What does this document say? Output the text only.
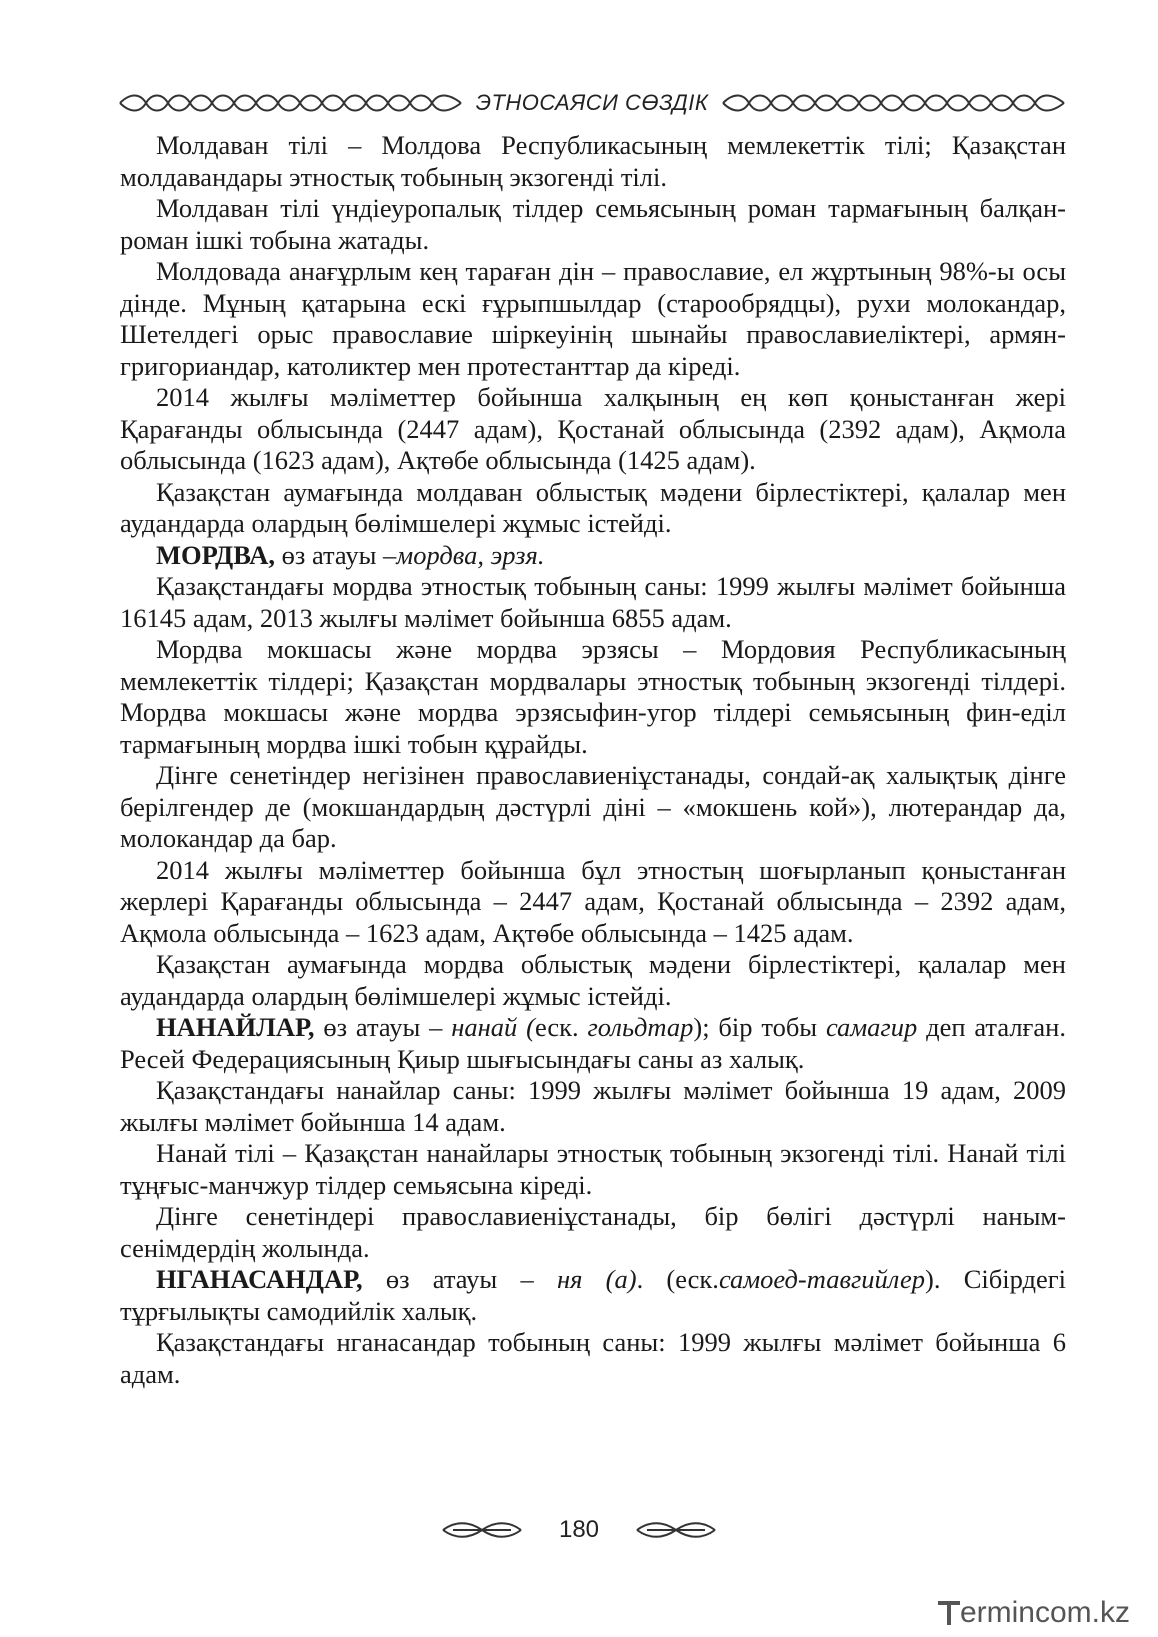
ЭТНОСАЯСИ СӨЗДІК

Молдаван тілі – Молдова Республикасының мемлекеттік тілі; Қазақстан молдавандары этностық тобының экзогенді тілі.

Молдаван тілі үндіеуропалық тілдер семьясының роман тармағының балқан-роман ішкі тобына жатады.

Молдовада анағұрлым кең тараған дін – православие, ел жұртының 98%-ы осы дінде. Мұның қатарына ескі ғұрыпшылдар (старообрядцы), рухи молокандар, Шетелдегі орыс православие шіркеуінің шынайы православиеліктері, армян-григориандар, католиктер мен протестанттар да кіреді.

2014 жылғы мәліметтер бойынша халқының ең көп қоныстанған жері Қарағанды облысында (2447 адам), Қостанай облысында (2392 адам), Ақмола облысында (1623 адам), Ақтөбе облысында (1425 адам).

Қазақстан аумағында молдаван облыстық мәдени бірлестіктері, қалалар мен аудандарда олардың бөлімшелері жұмыс істейді.

МОРДВА, өз атауы –мордва, эрзя.

Қазақстандағы мордва этностық тобының саны: 1999 жылғы мәлімет бойынша 16145 адам, 2013 жылғы мәлімет бойынша 6855 адам.

Мордва мокшасы және мордва эрзясы – Мордовия Республикасының мемлекеттік тілдері; Қазақстан мордвалары этностық тобының экзогенді тілдері. Мордва мокшасы және мордва эрзясыфин-угор тілдері семьясының фин-еділ тармағының мордва ішкі тобын құрайды.

Дінге сенетіндер негізінен православиеніұстанады, сондай-ақ халықтық дінге берілгендер де (мокшандардың дәстүрлі діні – «мокшень кой»), лютерандар да, молокандар да бар.

2014 жылғы мәліметтер бойынша бұл этностың шоғырланып қоныстанған жерлері Қарағанды облысында – 2447 адам, Қостанай облысында – 2392 адам, Ақмола облысында – 1623 адам, Ақтөбе облысында – 1425 адам.

Қазақстан аумағында мордва облыстық мәдени бірлестіктері, қалалар мен аудандарда олардың бөлімшелері жұмыс істейді.

НАНАЙЛАР, өз атауы – нанай (еск. гольдтар); бір тобы самагир деп аталған. Ресей Федерациясының Қиыр шығысындағы саны аз халық.

Қазақстандағы нанайлар саны: 1999 жылғы мәлімет бойынша 19 адам, 2009 жылғы мәлімет бойынша 14 адам.

Нанай тілі – Қазақстан нанайлары этностық тобының экзогенді тілі. Нанай тілі тұңғыс-манчжур тілдер семьясына кіреді.

Дінге сенетіндері православиеніұстанады, бір бөлігі дәстүрлі наным-сенімдердің жолында.

НГАНАСАНДАР, өз атауы – ня (а). (еск.самоед-тавгийлер). Сібірдегі тұрғылықты самодийлік халық.

Қазақстандағы нганасандар тобының саны: 1999 жылғы мәлімет бойынша 6 адам.

180
ermincо m.kz
